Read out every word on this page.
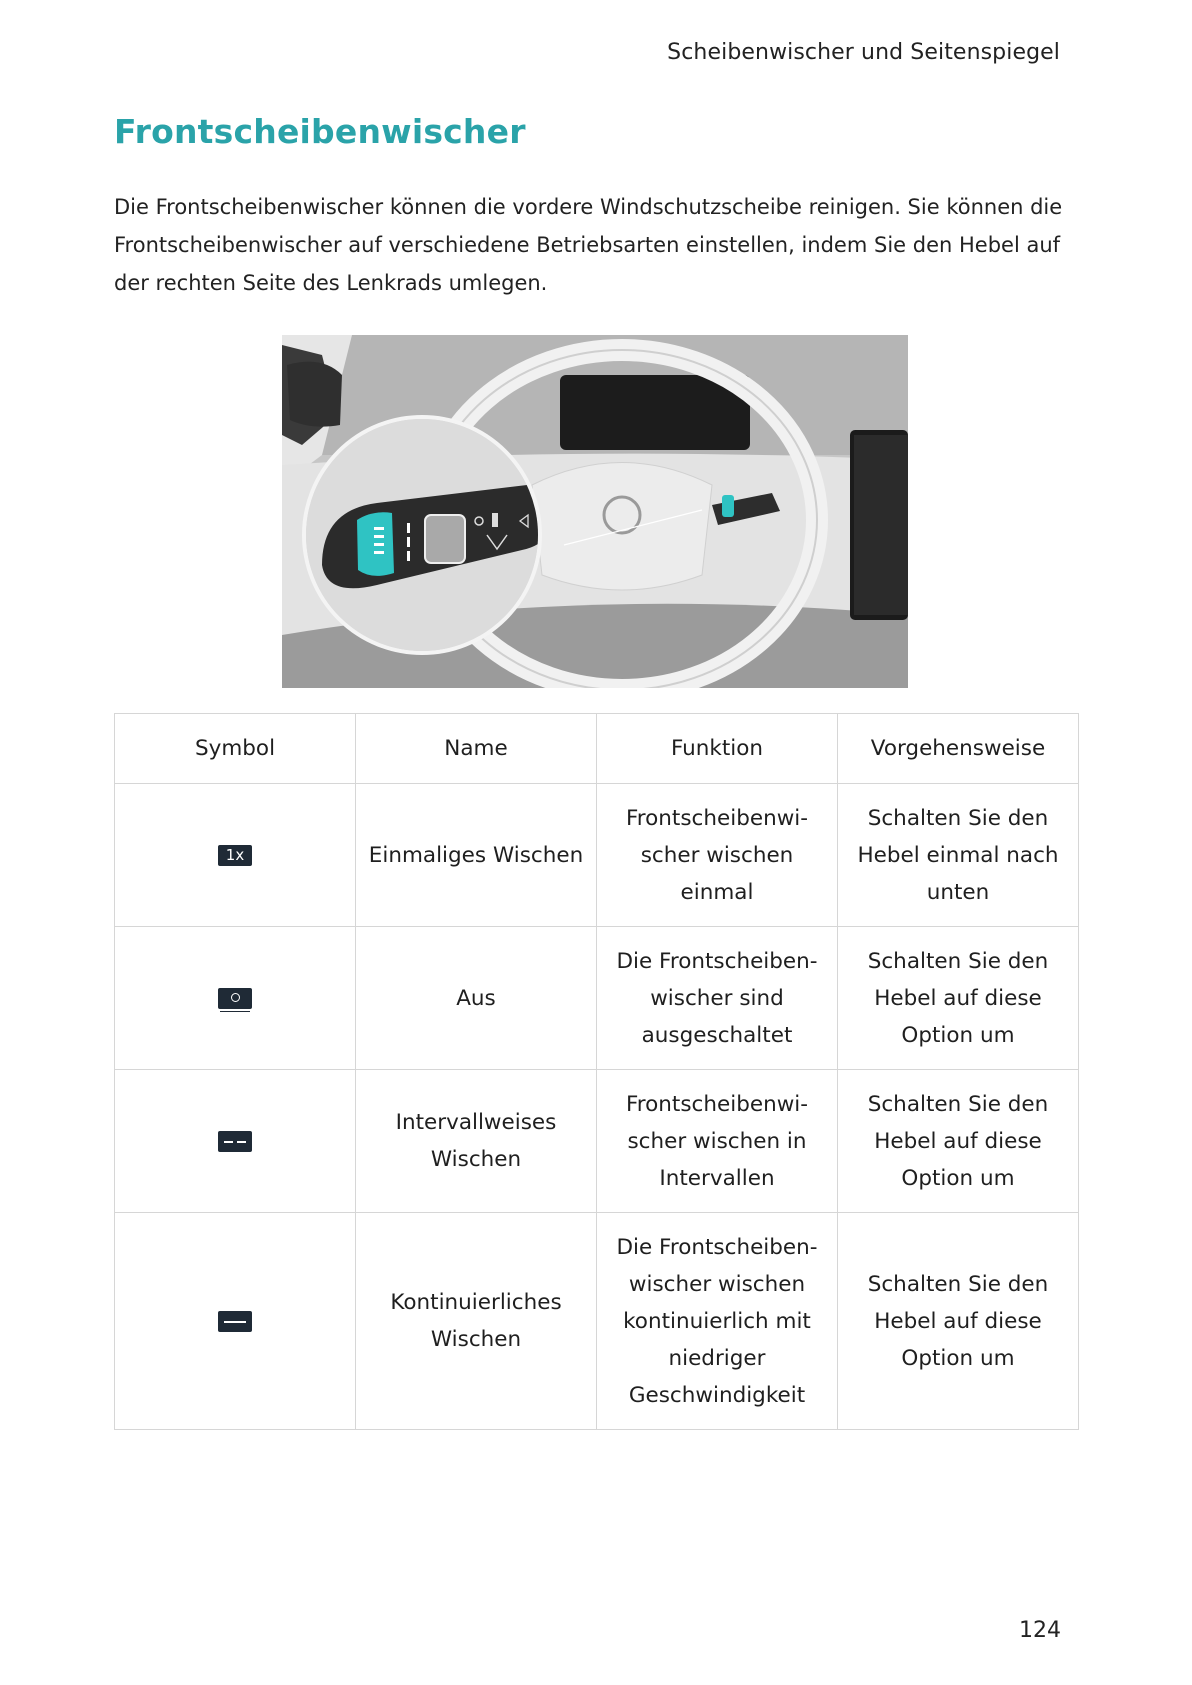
Scheibenwischer und Seitenspiegel
Frontscheibenwischer

Die Frontscheibenwischer können die vordere Windschutzscheibe reinigen. Sie können die Frontscheibenwischer auf verschiedene Betriebsarten einstellen, indem Sie den Hebel auf der rechten Seite des Lenkrads umlegen.

Symbol	Name	Funktion	Vorgehensweise
1x	Einmaliges Wischen	Frontscheibenwischer wischen einmal	Schalten Sie den Hebel einmal nach unten

	Aus	Die Frontscheibenwischer sind ausgeschaltet	Schalten Sie den Hebel auf diese Option um

	Intervallweises Wischen	Frontscheibenwischer wischen in Intervallen	Schalten Sie den Hebel auf diese Option um

	Kontinuierliches Wischen	Die Frontscheibenwischer wischen kontinuierlich mit niedriger Geschwindigkeit	Schalten Sie den Hebel auf diese Option um
124
